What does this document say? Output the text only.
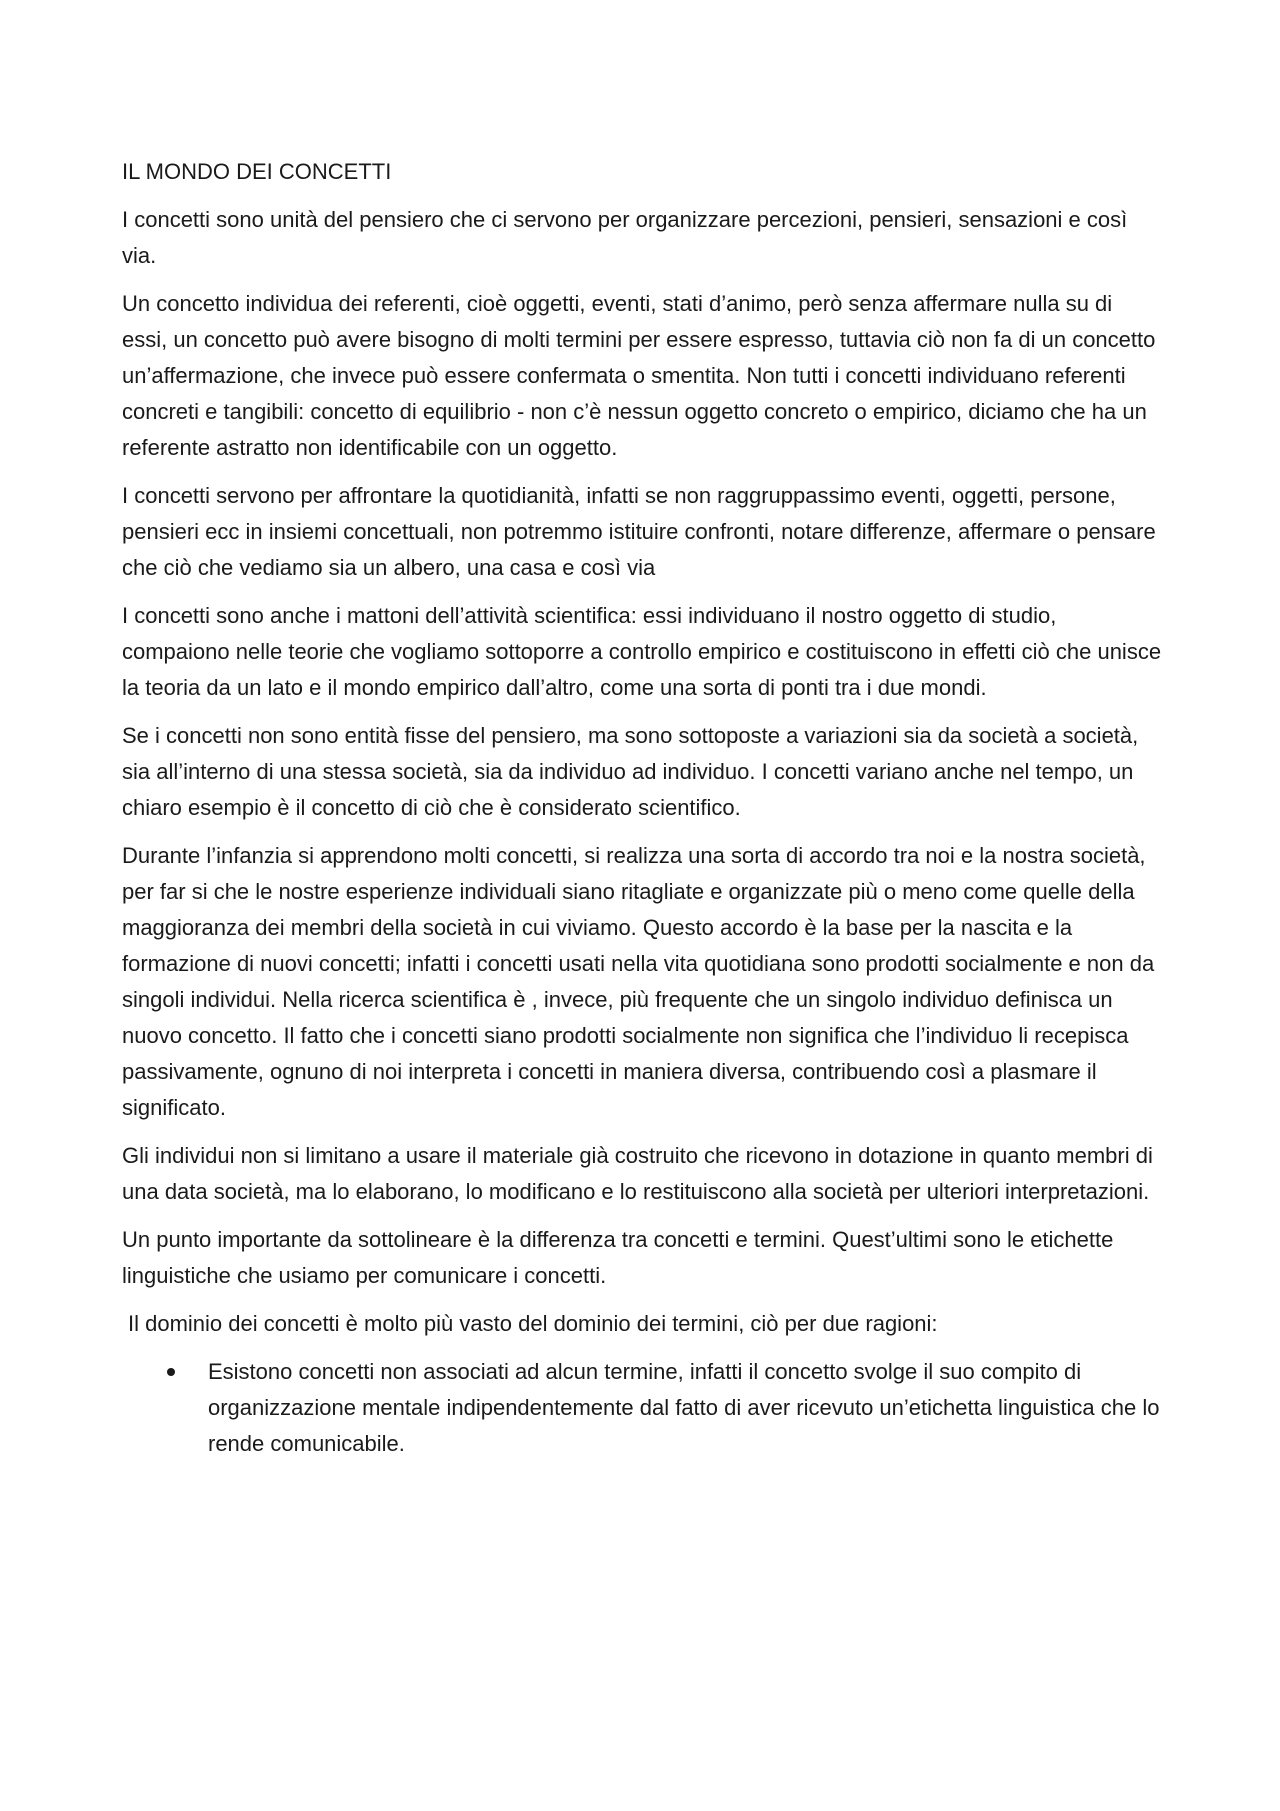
IL MONDO DEI CONCETTI

I concetti sono unità del pensiero che ci servono per organizzare percezioni, pensieri, sensazioni e così via.

Un concetto individua dei referenti, cioè oggetti, eventi, stati d’animo, però senza affermare nulla su di essi, un concetto può avere bisogno di molti termini per essere espresso, tuttavia ciò non fa di un concetto un’affermazione, che invece può essere confermata o smentita. Non tutti i concetti individuano referenti concreti e tangibili: concetto di equilibrio - non c’è nessun oggetto concreto o empirico, diciamo che ha un referente astratto non identificabile con un oggetto.

I concetti servono per affrontare la quotidianità, infatti se non raggruppassimo eventi, oggetti, persone, pensieri ecc in insiemi concettuali, non potremmo istituire confronti, notare differenze, affermare o pensare che ciò che vediamo sia un albero, una casa e così via

I concetti sono anche i mattoni dell’attività scientifica: essi individuano il nostro oggetto di studio, compaiono nelle teorie che vogliamo sottoporre a controllo empirico e costituiscono in effetti ciò che unisce la teoria da un lato e il mondo empirico dall’altro, come una sorta di ponti tra i due mondi.

Se i concetti non sono entità fisse del pensiero, ma sono sottoposte a variazioni sia da società a società, sia all’interno di una stessa società, sia da individuo ad individuo. I concetti variano anche nel tempo, un chiaro esempio è il concetto di ciò che è considerato scientifico.

Durante l’infanzia si apprendono molti concetti, si realizza una sorta di accordo tra noi e la nostra società, per far si che le nostre esperienze individuali siano ritagliate e organizzate più o meno come quelle della maggioranza dei membri della società in cui viviamo. Questo accordo è la base per la nascita e la formazione di nuovi concetti; infatti i concetti usati nella vita quotidiana sono prodotti socialmente e non da singoli individui. Nella ricerca scientifica è , invece, più frequente che un singolo individuo definisca un nuovo concetto. Il fatto che i concetti siano prodotti socialmente non significa che l’individuo li recepisca passivamente, ognuno di noi interpreta i concetti in maniera diversa, contribuendo così a plasmare il significato.

Gli individui non si limitano a usare il materiale già costruito che ricevono in dotazione in quanto membri di una data società, ma lo elaborano, lo modificano e lo restituiscono alla società per ulteriori interpretazioni.

Un punto importante da sottolineare è la differenza tra concetti e termini. Quest’ultimi sono le etichette linguistiche che usiamo per comunicare i concetti.

Il dominio dei concetti è molto più vasto del dominio dei termini, ciò per due ragioni:

Esistono concetti non associati ad alcun termine, infatti il concetto svolge il suo compito di organizzazione mentale indipendentemente dal fatto di aver ricevuto un’etichetta linguistica che lo rende comunicabile.
